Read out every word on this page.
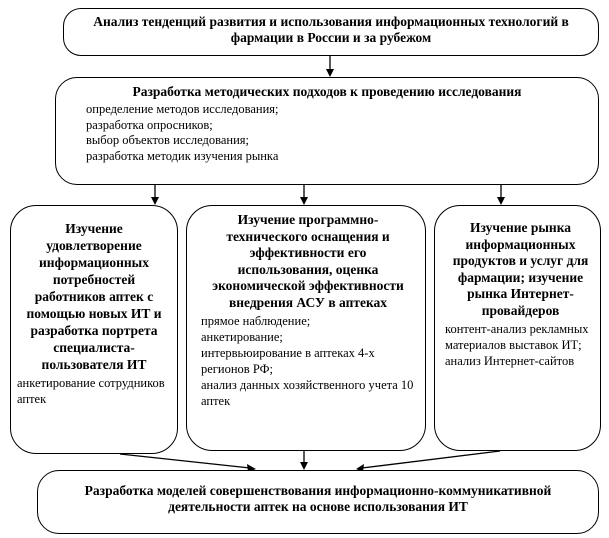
Анализ тенденций развития и использования информационных технологий в фармации в России и за рубежом
Разработка методических подходов к проведению исследования
определение методов исследования;
разработка опросников;
выбор объектов исследования;
разработка методик изучения рынка
Изучение удовлетворение информационных потребностей работников аптек с помощью новых ИТ и разработка портрета специалиста-пользователя ИТ
анкетирование сотрудников аптек
Изучение программно-технического оснащения и эффективности его использования, оценка экономической эффективности внедрения АСУ в аптеках
прямое наблюдение;
анкетирование;
интервьюирование в аптеках 4-х регионов РФ;
анализ данных хозяйственного учета 10 аптек
Изучение рынка информационных продуктов и услуг для фармации; изучение рынка Интернет-провайдеров
контент-анализ рекламных материалов выставок ИТ;
анализ Интернет-сайтов
Разработка моделей совершенствования информационно-коммуникативной деятельности аптек на основе использования ИТ
